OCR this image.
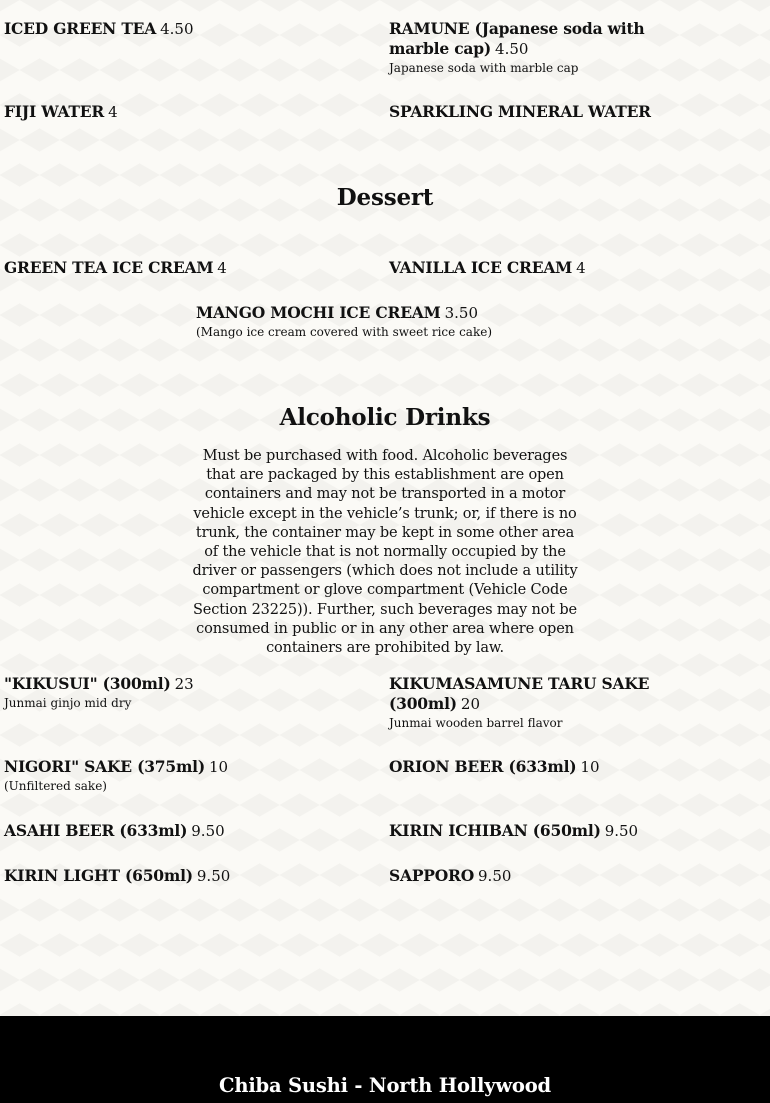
ICED GREEN TEA 4.50	RAMUNE (Japanese soda with marble cap) 4.50
Japanese soda with marble cap
FIJI WATER 4	SPARKLING MINERAL WATER
Dessert
GREEN TEA ICE CREAM 4	VANILLA ICE CREAM 4
MANGO MOCHI ICE CREAM 3.50
(Mango ice cream covered with sweet rice cake)
Alcoholic Drinks
Must be purchased with food. Alcoholic beverages that are packaged by this establishment are open containers and may not be transported in a motor vehicle except in the vehicle’s trunk; or, if there is no trunk, the container may be kept in some other area of the vehicle that is not normally occupied by the driver or passengers (which does not include a utility compartment or glove compartment (Vehicle Code Section 23225)). Further, such beverages may not be consumed in public or in any other area where open containers are prohibited by law.
"KIKUSUI" (300ml) 23
Junmai ginjo mid dry
KIKUMASAMUNE TARU SAKE (300ml) 20
Junmai wooden barrel flavor
NIGORI" SAKE (375ml) 10
(Unfiltered sake)
ORION BEER (633ml) 10
ASAHI BEER (633ml) 9.50	KIRIN ICHIBAN (650ml) 9.50
KIRIN LIGHT (650ml) 9.50	SAPPORO 9.50
Chiba Sushi - North Hollywood
